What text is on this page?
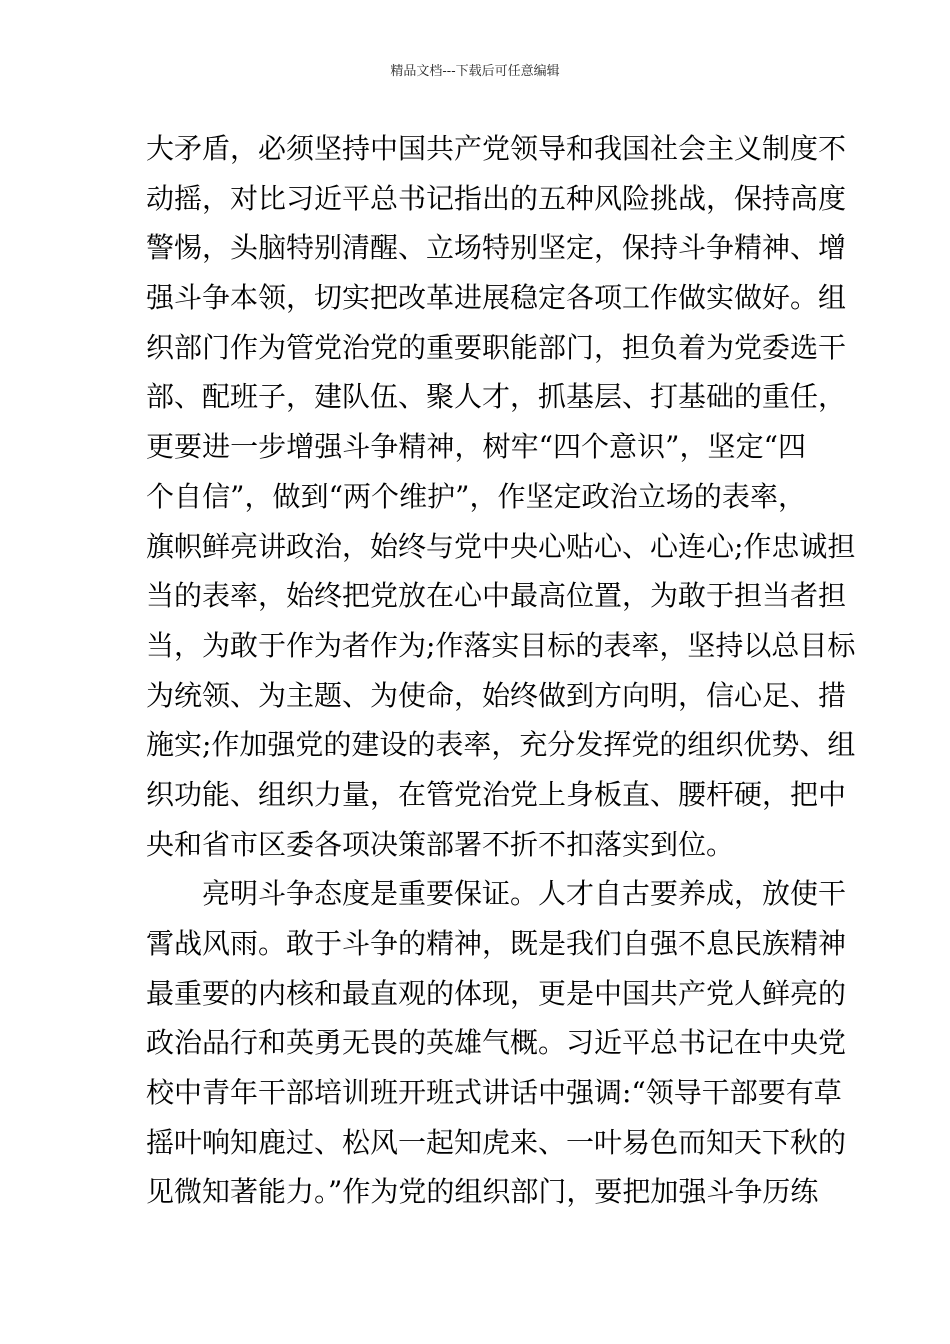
精品文档---下载后可任意编辑
大矛盾，必须坚持中国共产党领导和我国社会主义制度不
动摇，对比习近平总书记指出的五种风险挑战，保持高度
警惕，头脑特别清醒、立场特别坚定，保持斗争精神、增
强斗争本领，切实把改革进展稳定各项工作做实做好。组
织部门作为管党治党的重要职能部门，担负着为党委选干
部、配班子，建队伍、聚人才，抓基层、打基础的重任，
更要进一步增强斗争精神，树牢“四个意识”，坚定“四
个自信”，做到“两个维护”，作坚定政治立场的表率，
旗帜鲜亮讲政治，始终与党中央心贴心、心连心;作忠诚担
当的表率，始终把党放在心中最高位置，为敢于担当者担
当，为敢于作为者作为;作落实目标的表率，坚持以总目标
为统领、为主题、为使命，始终做到方向明，信心足、措
施实;作加强党的建设的表率，充分发挥党的组织优势、组
织功能、组织力量，在管党治党上身板直、腰杆硬，把中
央和省市区委各项决策部署不折不扣落实到位。
亮明斗争态度是重要保证。人才自古要养成，放使干
霄战风雨。敢于斗争的精神，既是我们自强不息民族精神
最重要的内核和最直观的体现，更是中国共产党人鲜亮的
政治品行和英勇无畏的英雄气概。习近平总书记在中央党
校中青年干部培训班开班式讲话中强调:“领导干部要有草
摇叶响知鹿过、松风一起知虎来、一叶易色而知天下秋的
见微知著能力。”作为党的组织部门，要把加强斗争历练
